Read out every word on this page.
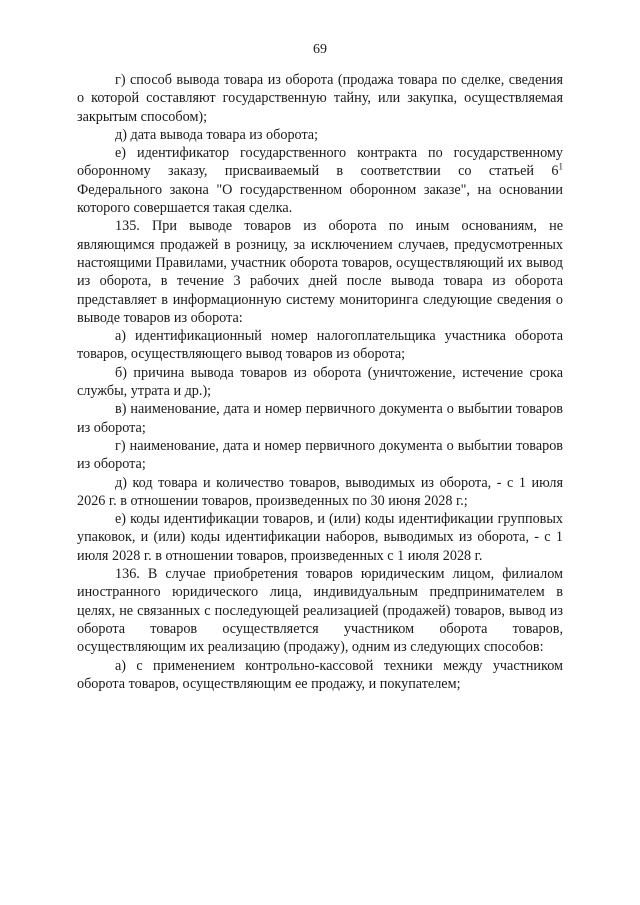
69

г) способ вывода товара из оборота (продажа товара по сделке, сведения о которой составляют государственную тайну, или закупка, осуществляемая закрытым способом);

д) дата вывода товара из оборота;

е) идентификатор государственного контракта по государственному оборонному заказу, присваиваемый в соответствии со статьей $6^1$

Федерального закона "О государственном оборонном заказе", на основании которого совершается такая сделка.

135. При выводе товаров из оборота по иным основаниям, не являющимся продажей в розницу, за исключением случаев, предусмотренных настоящими Правилами, участник оборота товаров, осуществляющий их вывод из оборота, в течение 3 рабочих дней после вывода товара из оборота представляет в информационную систему мониторинга следующие сведения о выводе товаров из оборота:

а) идентификационный номер налогоплательщика участника оборота товаров, осуществляющего вывод товаров из оборота;

б) причина вывода товаров из оборота (уничтожение, истечение срока службы, утрата и др.);

в) наименование, дата и номер первичного документа о выбытии товаров из оборота;

г) наименование, дата и номер первичного документа о выбытии товаров из оборота;

д) код товара и количество товаров, выводимых из оборота, - с 1 июля 2026 г. в отношении товаров, произведенных по 30 июня 2028 г.;

е) коды идентификации товаров, и (или) коды идентификации групповых упаковок, и (или) коды идентификации наборов, выводимых из оборота, - с 1 июля 2028 г. в отношении товаров, произведенных с 1 июля 2028 г.

136. В случае приобретения товаров юридическим лицом, филиалом иностранного юридического лица, индивидуальным предпринимателем в целях, не связанных с последующей реализацией (продажей) товаров, вывод из оборота товаров осуществляется участником оборота товаров, осуществляющим их реализацию (продажу), одним из следующих способов:

а) с применением контрольно-кассовой техники между участником оборота товаров, осуществляющим ее продажу, и покупателем;
